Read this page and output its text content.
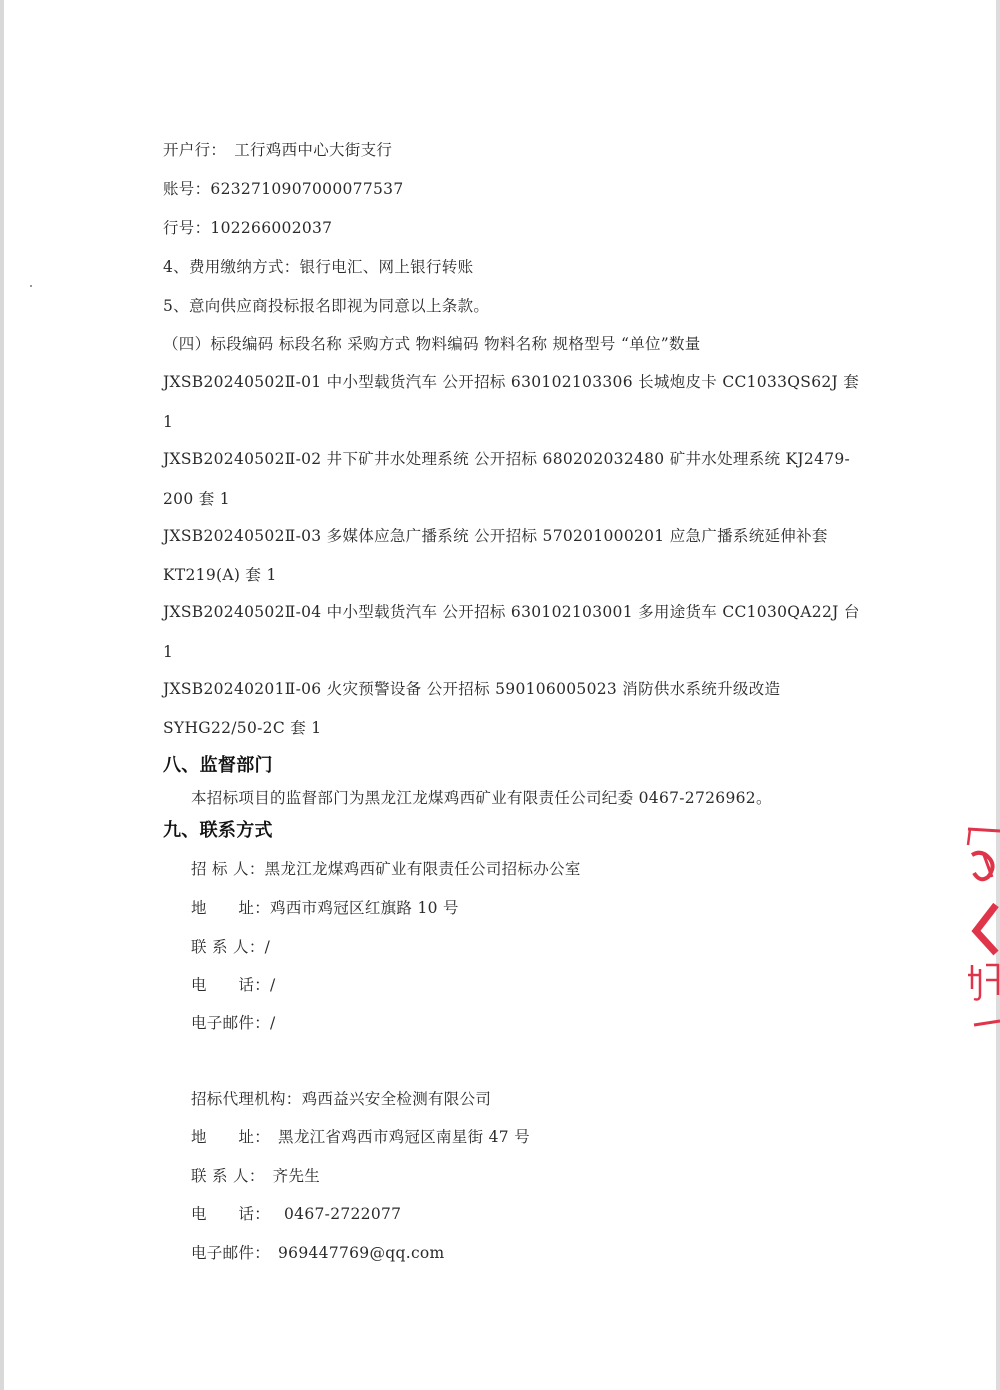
开户行： 工行鸡西中心大街支行
账号：6232710907000077537
行号：102266002037
4、费用缴纳方式：银行电汇、网上银行转账
5、意向供应商投标报名即视为同意以上条款。
（四）标段编码 标段名称 采购方式 物料编码 物料名称 规格型号 “单位”数量
JXSB20240502Ⅱ-01 中小型载货汽车 公开招标 630102103306 长城炮皮卡 CC1033QS62J 套
1
JXSB20240502Ⅱ-02 井下矿井水处理系统 公开招标 680202032480 矿井水处理系统 KJ2479-
200 套 1
JXSB20240502Ⅱ-03 多媒体应急广播系统 公开招标 570201000201 应急广播系统延伸补套
KT219(A) 套 1
JXSB20240502Ⅱ-04 中小型载货汽车 公开招标 630102103001 多用途货车 CC1030QA22J 台
1
JXSB20240201Ⅱ-06 火灾预警设备 公开招标 590106005023 消防供水系统升级改造
SYHG22/50-2C 套 1
八、监督部门
本招标项目的监督部门为黑龙江龙煤鸡西矿业有限责任公司纪委 0467-2726962。
九、联系方式
招 标 人：黑龙江龙煤鸡西矿业有限责任公司招标办公室
地　　址：鸡西市鸡冠区红旗路 10 号
联 系 人：/
电　　话：/
电子邮件：/
招标代理机构：鸡西益兴安全检测有限公司
地　　址： 黑龙江省鸡西市鸡冠区南星街 47 号
联 系 人： 齐先生
电　　话： 0467-2722077
电子邮件： 969447769@qq.com
